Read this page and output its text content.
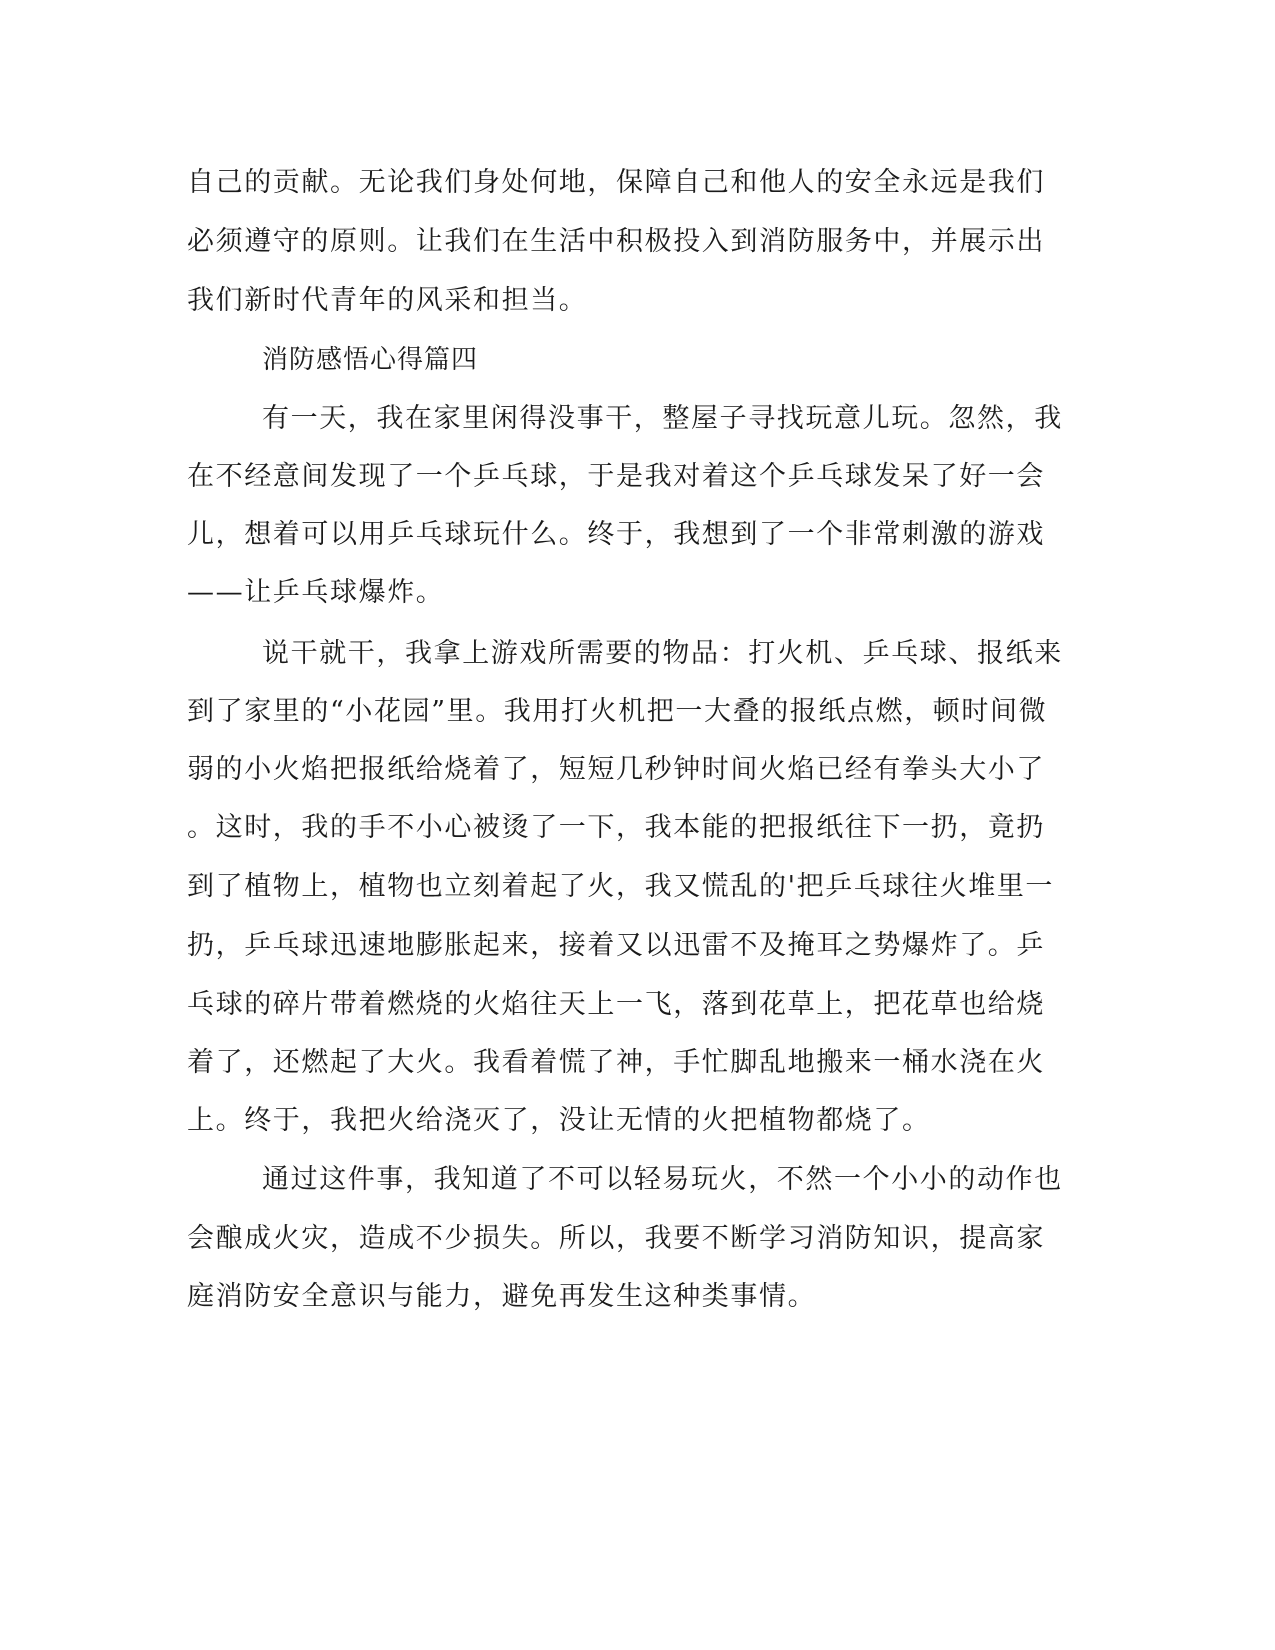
自己的贡献。无论我们身处何地，保障自己和他人的安全永远是我们

必须遵守的原则。让我们在生活中积极投入到消防服务中，并展示出

我们新时代青年的风采和担当。

消防感悟心得篇四

有一天，我在家里闲得没事干，整屋子寻找玩意儿玩。忽然，我

在不经意间发现了一个乒乓球，于是我对着这个乒乓球发呆了好一会

儿，想着可以用乒乓球玩什么。终于，我想到了一个非常刺激的游戏

——让乒乓球爆炸。

说干就干，我拿上游戏所需要的物品：打火机、乒乓球、报纸来

到了家里的“小花园”里。我用打火机把一大叠的报纸点燃，顿时间微

弱的小火焰把报纸给烧着了，短短几秒钟时间火焰已经有拳头大小了

。这时，我的手不小心被烫了一下，我本能的把报纸往下一扔，竟扔

到了植物上，植物也立刻着起了火，我又慌乱的'把乒乓球往火堆里一

扔，乒乓球迅速地膨胀起来，接着又以迅雷不及掩耳之势爆炸了。乒

乓球的碎片带着燃烧的火焰往天上一飞，落到花草上，把花草也给烧

着了，还燃起了大火。我看着慌了神，手忙脚乱地搬来一桶水浇在火

上。终于，我把火给浇灭了，没让无情的火把植物都烧了。

通过这件事，我知道了不可以轻易玩火，不然一个小小的动作也

会酿成火灾，造成不少损失。所以，我要不断学习消防知识，提高家

庭消防安全意识与能力，避免再发生这种类事情。
